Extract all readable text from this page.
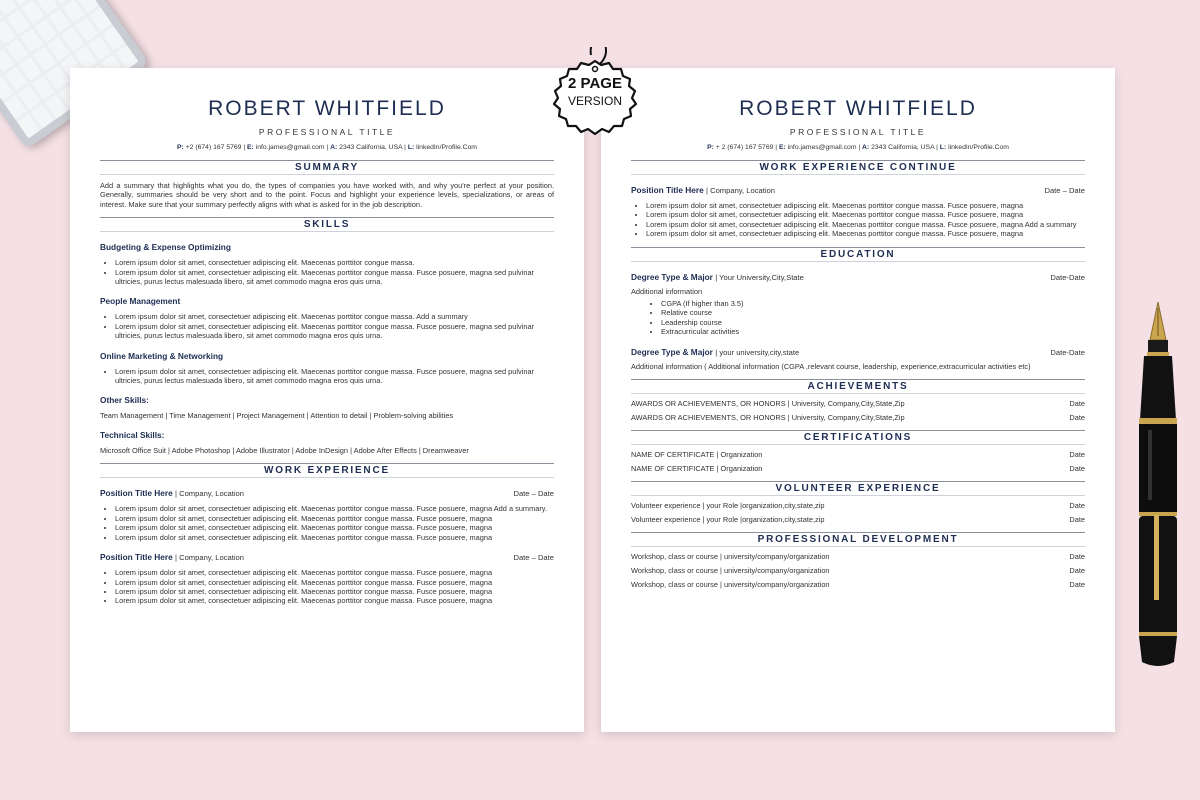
ROBERT WHITFIELD
PROFESSIONAL TITLE
P: +2 (674) 167 5769 | E: info.james@gmail.com | A: 2343 California, USA | L: linkedIn/Profile.Com
SUMMARY
Add a summary that highlights what you do, the types of companies you have worked with, and why you're perfect at your position. Generally, summaries should be very short and to the point. Focus and highlight your experience levels, specializations, or areas of interest. Make sure that your summary perfectly aligns with what is asked for in the job description.
SKILLS
Budgeting & Expense Optimizing
• Lorem ipsum dolor sit amet, consectetuer adipiscing elit. Maecenas porttitor congue massa.
• Lorem ipsum dolor sit amet, consectetuer adipiscing elit. Maecenas porttitor congue massa. Fusce posuere, magna sed pulvinar ultricies, purus lectus malesuada libero, sit amet commodo magna eros quis urna.
People Management
• Lorem ipsum dolor sit amet, consectetuer adipiscing elit. Maecenas porttitor congue massa. Add a summary
• Lorem ipsum dolor sit amet, consectetuer adipiscing elit. Maecenas porttitor congue massa. Fusce posuere, magna sed pulvinar ultricies, purus lectus malesuada libero, sit amet commodo magna eros quis urna.
Online Marketing & Networking
• Lorem ipsum dolor sit amet, consectetuer adipiscing elit. Maecenas porttitor congue massa. Fusce posuere, magna sed pulvinar ultricies, purus lectus malesuada libero, sit amet commodo magna eros quis urna.
Other Skills:
Team Management | Time Management | Project Management | Attention to detail | Problem-solving abilities
Technical Skills:
Microsoft Office Suit | Adobe Photoshop | Adobe Illustrator | Adobe InDesign | Adobe After Effects | Dreamweaver
WORK EXPERIENCE
Position Title Here | Company, Location	Date – Date
• Lorem ipsum dolor sit amet, consectetuer adipiscing elit. Maecenas porttitor congue massa. Fusce posuere, magna Add a summary.
• Lorem ipsum dolor sit amet, consectetuer adipiscing elit. Maecenas porttitor congue massa. Fusce posuere, magna
• Lorem ipsum dolor sit amet, consectetuer adipiscing elit. Maecenas porttitor congue massa. Fusce posuere, magna
• Lorem ipsum dolor sit amet, consectetuer adipiscing elit. Maecenas porttitor congue massa. Fusce posuere, magna
Position Title Here | Company, Location	Date – Date
• Lorem ipsum dolor sit amet, consectetuer adipiscing elit. Maecenas porttitor congue massa. Fusce posuere, magna
• Lorem ipsum dolor sit amet, consectetuer adipiscing elit. Maecenas porttitor congue massa. Fusce posuere, magna
• Lorem ipsum dolor sit amet, consectetuer adipiscing elit. Maecenas porttitor congue massa. Fusce posuere, magna
• Lorem ipsum dolor sit amet, consectetuer adipiscing elit. Maecenas porttitor congue massa. Fusce posuere, magna
ROBERT WHITFIELD
PROFESSIONAL TITLE
P: + 2 (674) 167 5769 | E: info.james@gmail.com | A: 2343 California, USA | L: linkedIn/Profile.Com
WORK EXPERIENCE CONTINUE
Position Title Here | Company, Location	Date – Date
• Lorem ipsum dolor sit amet, consectetuer adipiscing elit. Maecenas porttitor congue massa. Fusce posuere, magna
• Lorem ipsum dolor sit amet, consectetuer adipiscing elit. Maecenas porttitor congue massa. Fusce posuere, magna
• Lorem ipsum dolor sit amet, consectetuer adipiscing elit. Maecenas porttitor congue massa. Fusce posuere, magna Add a summary
• Lorem ipsum dolor sit amet, consectetuer adipiscing elit. Maecenas porttitor congue massa. Fusce posuere, magna
EDUCATION
Degree Type & Major | Your University,City,State	Date-Date
Additional information
• CGPA (If higher than 3.5)
• Relative course
• Leadership course
• Extracurricular activities
Degree Type & Major | your university,city,state	Date-Date
Additional information ( Additional information (CGPA ,relevant course, leadership, experience,extracurricular activities etc)
ACHIEVEMENTS
AWARDS OR ACHIEVEMENTS, OR HONORS | University, Company,City,State,Zip	Date
AWARDS OR ACHIEVEMENTS, OR HONORS | University, Company,City,State,Zip	Date
CERTIFICATIONS
NAME OF CERTIFICATE | Organization	Date
NAME OF CERTIFICATE | Organization	Date
VOLUNTEER EXPERIENCE
Volunteer experience | your Role |organization,city,state,zip	Date
Volunteer experience | your Role |organization,city,state,zip	Date
PROFESSIONAL DEVELOPMENT
Workshop, class or course | university/company/organization	Date
Workshop, class or course | university/company/organization	Date
Workshop, class or course | university/company/organization	Date
2 PAGE
VERSION
